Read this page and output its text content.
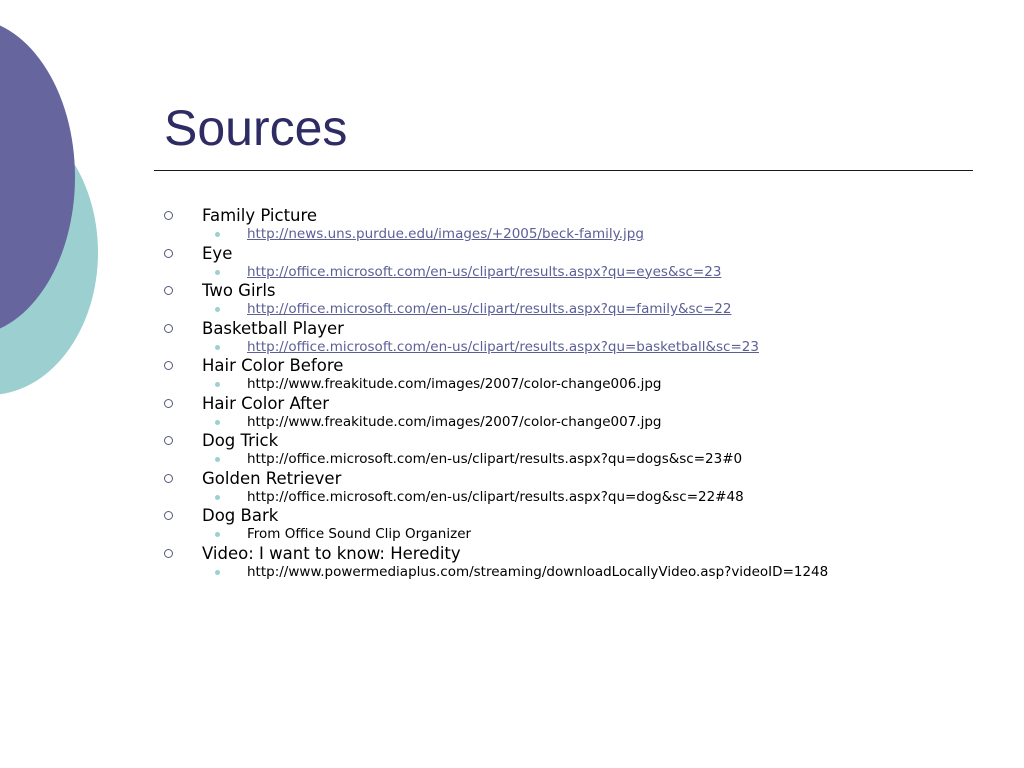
Sources
Family Picture
http://news.uns.purdue.edu/images/+2005/beck-family.jpg
Eye
http://office.microsoft.com/en-us/clipart/results.aspx?qu=eyes&sc=23
Two Girls
http://office.microsoft.com/en-us/clipart/results.aspx?qu=family&sc=22
Basketball Player
http://office.microsoft.com/en-us/clipart/results.aspx?qu=basketball&sc=23
Hair Color Before
http://www.freakitude.com/images/2007/color-change006.jpg
Hair Color After
http://www.freakitude.com/images/2007/color-change007.jpg
Dog Trick
http://office.microsoft.com/en-us/clipart/results.aspx?qu=dogs&sc=23#0
Golden Retriever
http://office.microsoft.com/en-us/clipart/results.aspx?qu=dog&sc=22#48
Dog Bark
From Office Sound Clip Organizer
Video: I want to know: Heredity
http://www.powermediaplus.com/streaming/downloadLocallyVideo.asp?videoID=1248
